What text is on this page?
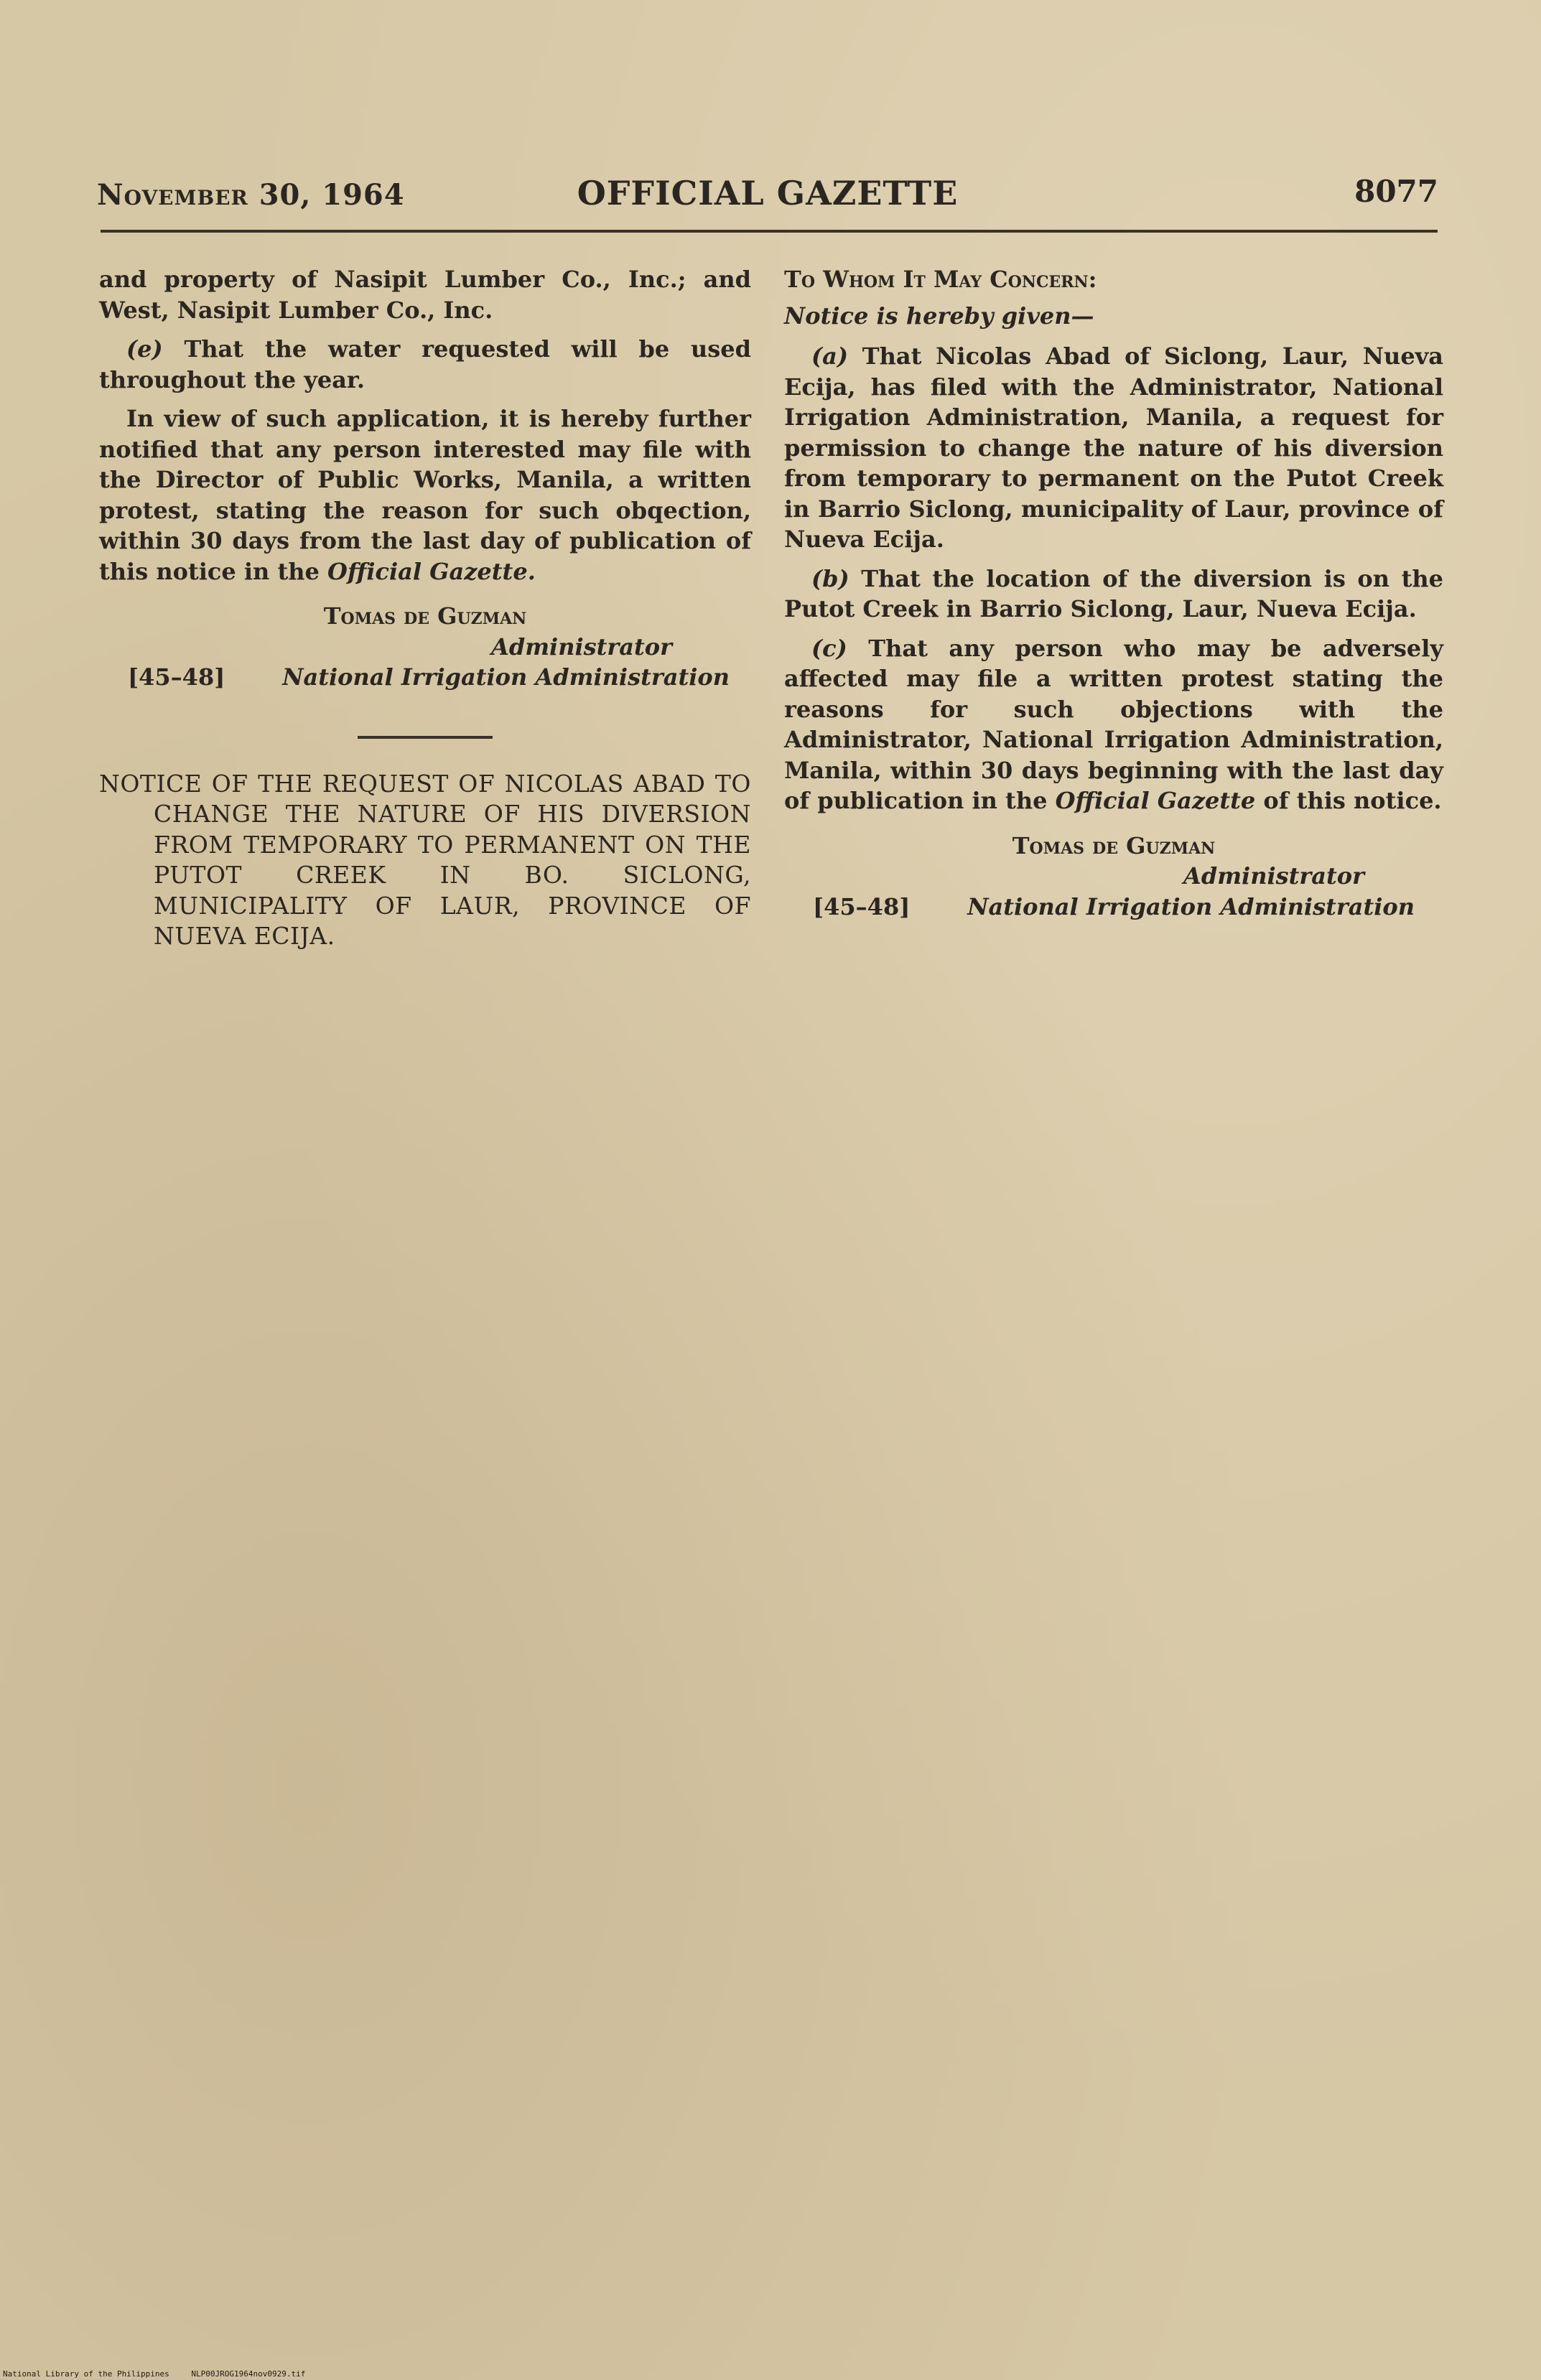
November 30, 1964	OFFICIAL GAZETTE	8077

and property of Nasipit Lumber Co., Inc.; and West, Nasipit Lumber Co., Inc.

(e) That the water requested will be used throughout the year.

In view of such application, it is hereby further notified that any person interested may file with the Director of Public Works, Manila, a written protest, stating the reason for such obqection, within 30 days from the last day of publication of this notice in the Official Gazette.

Tomas de Guzman
Administrator
[45–48] National Irrigation Administration
NOTICE OF THE REQUEST OF NICOLAS ABAD TO CHANGE THE NATURE OF HIS DIVERSION FROM TEMPORARY TO PERMANENT ON THE PUTOT CREEK IN BO. SICLONG, MUNICIPALITY OF LAUR, PROVINCE OF NUEVA ECIJA.

To Whom It May Concern:

Notice is hereby given—

(a) That Nicolas Abad of Siclong, Laur, Nueva Ecija, has filed with the Administrator, National Irrigation Administration, Manila, a request for permission to change the nature of his diversion from temporary to permanent on the Putot Creek in Barrio Siclong, municipality of Laur, province of Nueva Ecija.

(b) That the location of the diversion is on the Putot Creek in Barrio Siclong, Laur, Nueva Ecija.

(c) That any person who may be adversely affected may file a written protest stating the reasons for such objections with the Administrator, National Irrigation Administration, Manila, within 30 days beginning with the last day of publication in the Official Gazette of this notice.

Tomas de Guzman
Administrator
[45–48] National Irrigation Administration
National Library of the Philippines	NLP00JROG1964nov0929.tif
